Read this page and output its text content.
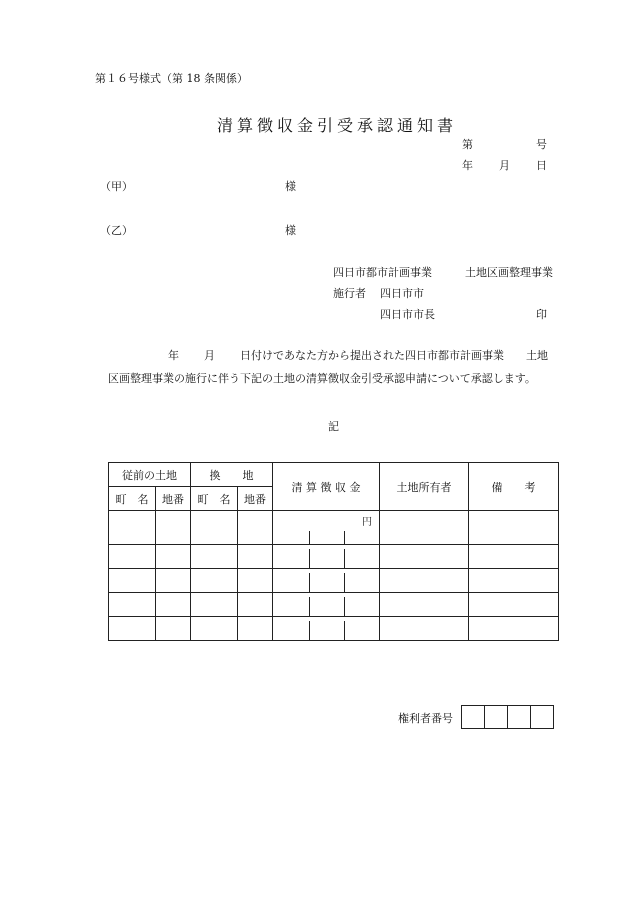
第１６号様式（第 18 条関係）
清算徴収金引受承認通知書
第	号
年 月 日
（甲）	様
（乙）	様
四日市都市計画事業	土地区画整理事業
施行者 四日市市
四日市市長	印
年 月 日付けであなた方から提出された四日市都市計画事業　　土地
区画整理事業の施行に伴う下記の土地の清算徴収金引受承認申請について承認します。
記
従前の土地		換　　地		清 算 徴 収 金	土地所有者	備　　考
町　名	地番	町　名	地番			

				円		

権利者番号
